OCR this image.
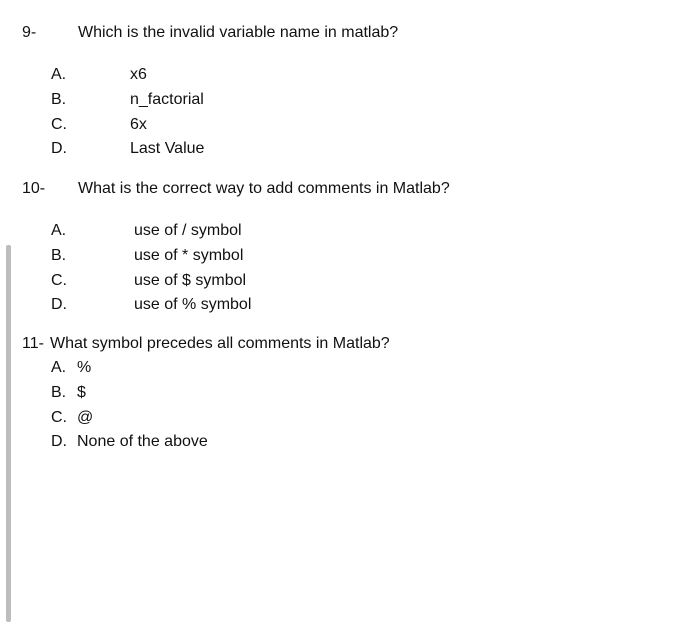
9-	Which is the invalid variable name in matlab?
A.	x6
B.	n_factorial
C.	6x
D.	Last Value
10- What is the correct way to add comments in Matlab?
A.	use of / symbol
B.	use of * symbol
C.	use of $ symbol
D.	use of % symbol
11- What symbol precedes all comments in Matlab?
A. %
B. $
C. @
D. None of the above
